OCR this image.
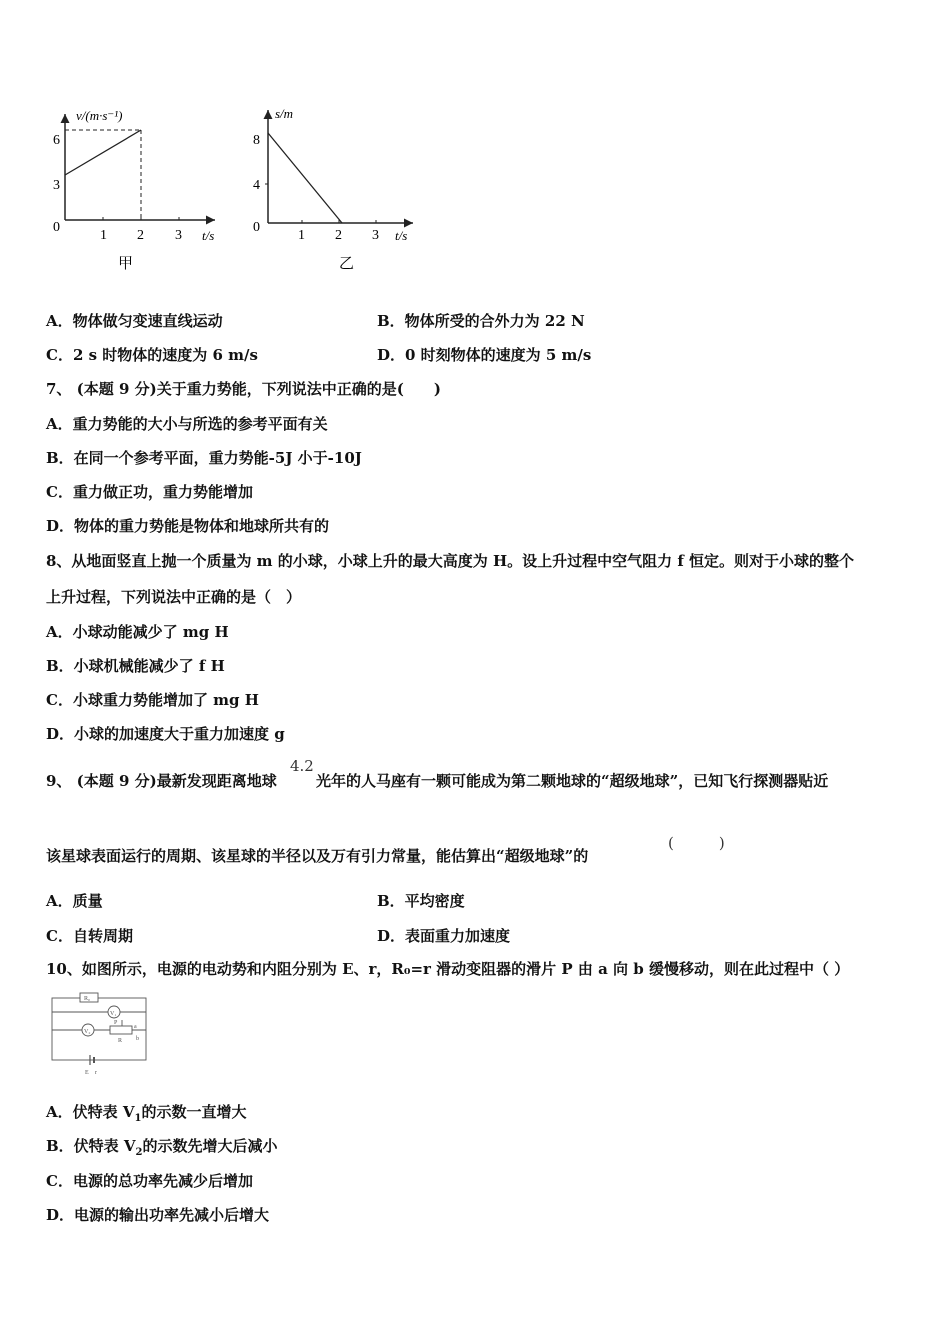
v/(m·s⁻¹)
t/s
6
3
0
1 2 3
甲
s/m
t/s
8
4
0
1 2 3
乙
A．物体做匀变速直线运动	B．物体所受的合外力为 22 N
C．2 s 时物体的速度为 6 m/s	D．0 时刻物体的速度为 5 m/s
7、 (本题 9 分)关于重力势能，下列说法中正确的是(　　)
A．重力势能的大小与所选的参考平面有关
B．在同一个参考平面，重力势能-5J 小于-10J
C．重力做正功，重力势能增加
D．物体的重力势能是物体和地球所共有的
8、从地面竖直上抛一个质量为 m 的小球，小球上升的最大高度为 H。设上升过程中空气阻力 f 恒定。则对于小球的整个
上升过程，下列说法中正确的是（　）
A．小球动能减少了 mg H
B．小球机械能减少了 f H
C．小球重力势能增加了 mg H
D．小球的加速度大于重力加速度 g
9、 (本题 9 分)最新发现距离地球
4.2
光年的人马座有一颗可能成为第二颗地球的“超级地球”，已知飞行探测器贴近
该星球表面运行的周期、该星球的半径以及万有引力常量，能估算出“超级地球”的
(　　　)
A．质量	B．平均密度
C．自转周期	D．表面重力加速度
10、如图所示，电源的电动势和内阻分别为 E、r，R₀=r 滑动变阻器的滑片 P 由 a 向 b 缓慢移动，则在此过程中（ ）
R₀
V₁
V₂
P
a
b
R
E r
A．伏特表 $V_1$的示数一直增大
B．伏特表 $V_2$的示数先增大后减小
C．电源的总功率先减少后增加
D．电源的输出功率先减小后增大
